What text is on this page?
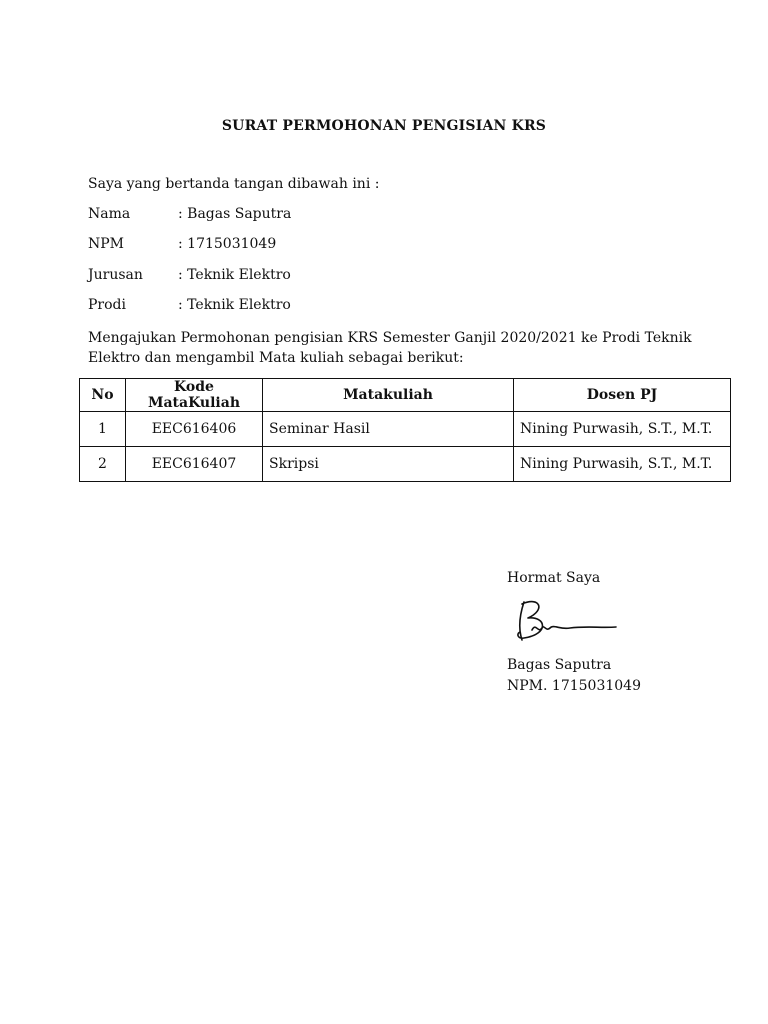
SURAT PERMOHONAN PENGISIAN KRS
Saya yang bertanda tangan dibawah ini :
Nama	: Bagas Saputra
NPM	: 1715031049
Jurusan	: Teknik Elektro
Prodi	: Teknik Elektro
Mengajukan Permohonan pengisian KRS Semester Ganjil 2020/2021 ke Prodi Teknik Elektro dan mengambil Mata kuliah sebagai berikut:
No	Kode MataKuliah	Matakuliah	Dosen PJ
1	EEC616406	Seminar Hasil	Nining Purwasih, S.T., M.T.
2	EEC616407	Skripsi	Nining Purwasih, S.T., M.T.
Hormat Saya
Bagas Saputra
NPM. 1715031049
